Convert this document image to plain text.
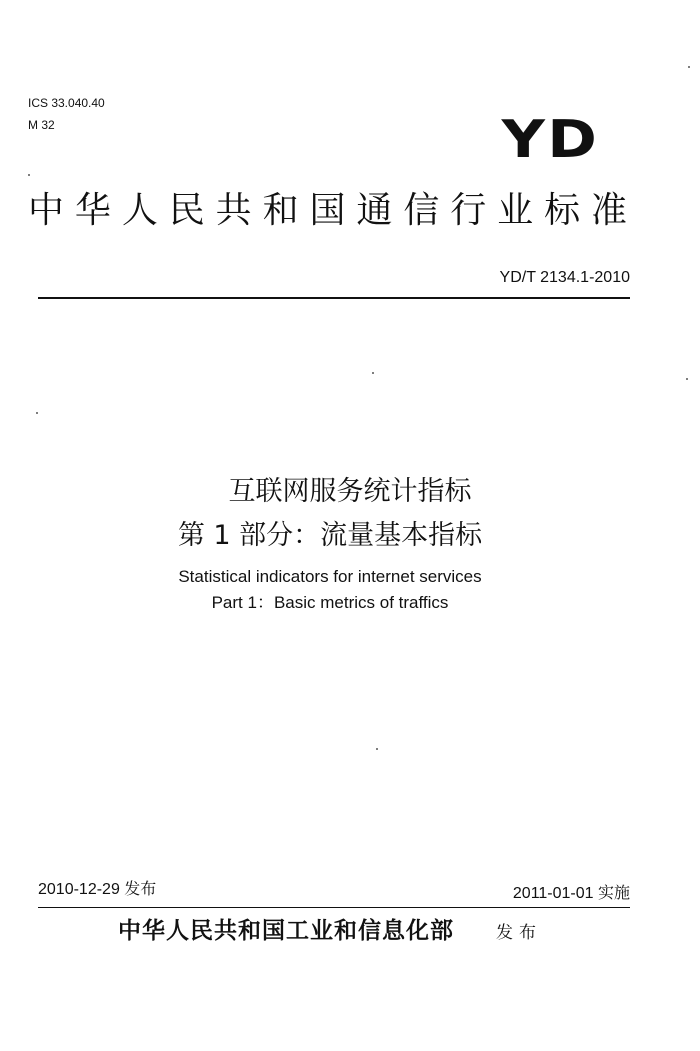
ICS 33.040.40
M 32	YD
中华人民共和国通信行业标准
YD/T 2134.1-2010
互联网服务统计指标
第 1 部分：流量基本指标
Statistical indicators for internet services
Part 1：Basic metrics of traffics
2010-12-29 发布	2011-01-01 实施
中华人民共和国工业和信息化部 发布
